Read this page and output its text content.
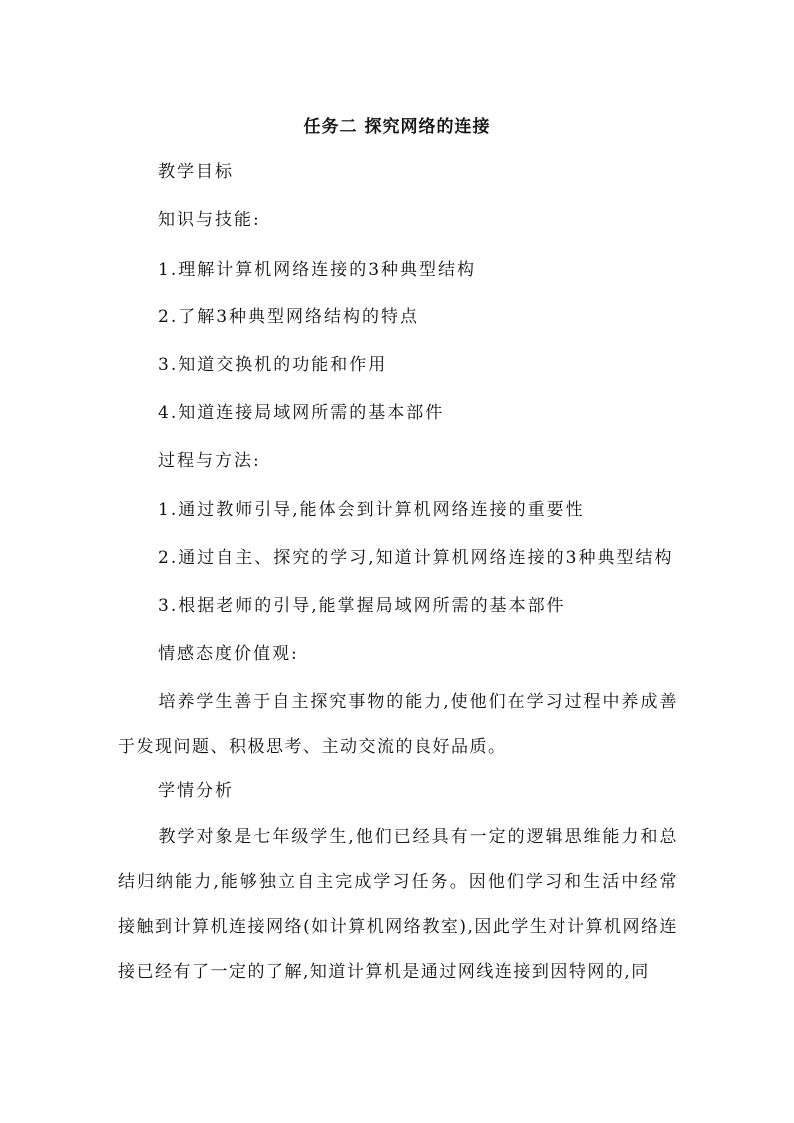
任务二 探究网络的连接
教学目标
知识与技能:
1.理解计算机网络连接的3种典型结构
2.了解3种典型网络结构的特点
3.知道交换机的功能和作用
4.知道连接局域网所需的基本部件
过程与方法:
1.通过教师引导,能体会到计算机网络连接的重要性
2.通过自主、探究的学习,知道计算机网络连接的3种典型结构
3.根据老师的引导,能掌握局域网所需的基本部件
情感态度价值观:
培养学生善于自主探究事物的能力,使他们在学习过程中养成善于发现问题、积极思考、主动交流的良好品质。
学情分析
教学对象是七年级学生,他们已经具有一定的逻辑思维能力和总结归纳能力,能够独立自主完成学习任务。因他们学习和生活中经常接触到计算机连接网络(如计算机网络教室),因此学生对计算机网络连接已经有了一定的了解,知道计算机是通过网线连接到因特网的,同
